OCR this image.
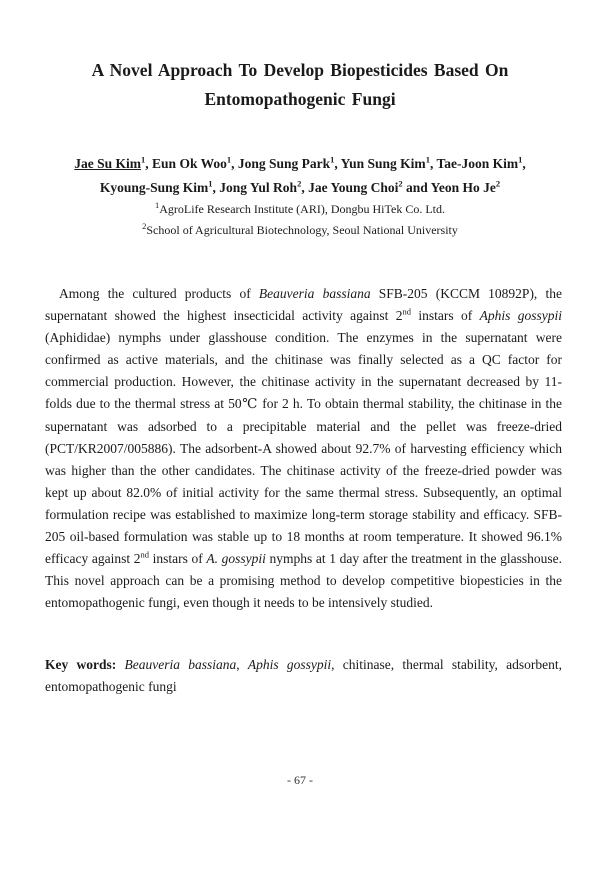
A Novel Approach To Develop Biopesticides Based On
Entomopathogenic Fungi
Jae Su Kim$^1$, Eun Ok Woo$^1$, Jong Sung Park$^1$, Yun Sung Kim$^1$, Tae-Joon Kim$^1$,
Kyoung-Sung Kim$^1$, Jong Yul Roh$^2$, Jae Young Choi$^2$ and Yeon Ho Je$^2$
$^1$AgroLife Research Institute (ARI), Dongbu HiTek Co. Ltd.
$^2$School of Agricultural Biotechnology, Seoul National University

Among the cultured products of Beauveria bassiana SFB-205 (KCCM 10892P), the supernatant showed the highest insecticidal activity against 2nd instars of Aphis gossypii (Aphididae) nymphs under glasshouse condition. The enzymes in the supernatant were confirmed as active materials, and the chitinase was finally selected as a QC factor for commercial production. However, the chitinase activity in the supernatant decreased by 11-folds due to the thermal stress at 50℃ for 2 h. To obtain thermal stability, the chitinase in the supernatant was adsorbed to a precipitable material and the pellet was freeze-dried (PCT/KR2007/005886). The adsorbent-A showed about 92.7% of harvesting efficiency which was higher than the other candidates. The chitinase activity of the freeze-dried powder was kept up about 82.0% of initial activity for the same thermal stress. Subsequently, an optimal formulation recipe was established to maximize long-term storage stability and efficacy. SFB-205 oil-based formulation was stable up to 18 months at room temperature. It showed 96.1% efficacy against 2nd instars of A. gossypii nymphs at 1 day after the treatment in the glasshouse. This novel approach can be a promising method to develop competitive biopesticies in the entomopathogenic fungi, even though it needs to be intensively studied.

Key words: Beauveria bassiana, Aphis gossypii, chitinase, thermal stability, adsorbent, entomopathogenic fungi
- 67 -
